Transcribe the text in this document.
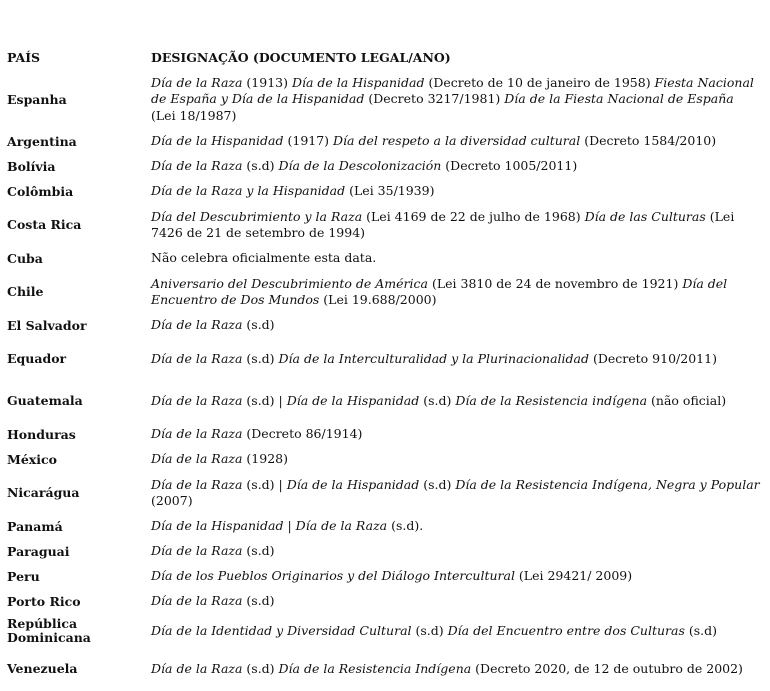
PAÍS	DESIGNAÇÃO (DOCUMENTO LEGAL/ANO)
Espanha	Día de la Raza (1913) Día de la Hispanidad (Decreto de 10 de janeiro de 1958) Fiesta Nacional de España y Día de la Hispanidad (Decreto 3217/1981) Día de la Fiesta Nacional de España (Lei 18/1987)
Argentina	Día de la Hispanidad (1917) Día del respeto a la diversidad cultural (Decreto 1584/2010)
Bolívia	Día de la Raza (s.d) Día de la Descolonización (Decreto 1005/2011)
Colômbia	Día de la Raza y la Hispanidad (Lei 35/1939)
Costa Rica	Día del Descubrimiento y la Raza (Lei 4169 de 22 de julho de 1968) Día de las Culturas (Lei 7426 de 21 de setembro de 1994)
Cuba	Não celebra oficialmente esta data.
Chile	Aniversario del Descubrimiento de América (Lei 3810 de 24 de novembro de 1921) Día del Encuentro de Dos Mundos (Lei 19.688/2000)
El Salvador	Día de la Raza (s.d)
Equador	Día de la Raza (s.d) Día de la Interculturalidad y la Plurinacionalidad (Decreto 910/2011)
Guatemala	Día de la Raza (s.d) | Día de la Hispanidad (s.d) Día de la Resistencia indígena (não oficial)
Honduras	Día de la Raza (Decreto 86/1914)
México	Día de la Raza (1928)
Nicarágua	Día de la Raza (s.d) | Día de la Hispanidad (s.d) Día de la Resistencia Indígena, Negra y Popular (2007)
Panamá	Día de la Hispanidad | Día de la Raza (s.d).
Paraguai	Día de la Raza (s.d)
Peru	Día de los Pueblos Originarios y del Diálogo Intercultural (Lei 29421/ 2009)
Porto Rico	Día de la Raza (s.d)
República Dominicana	Día de la Identidad y Diversidad Cultural (s.d) Día del Encuentro entre dos Culturas (s.d)
Venezuela	Día de la Raza (s.d) Día de la Resistencia Indígena (Decreto 2020, de 12 de outubro de 2002)
